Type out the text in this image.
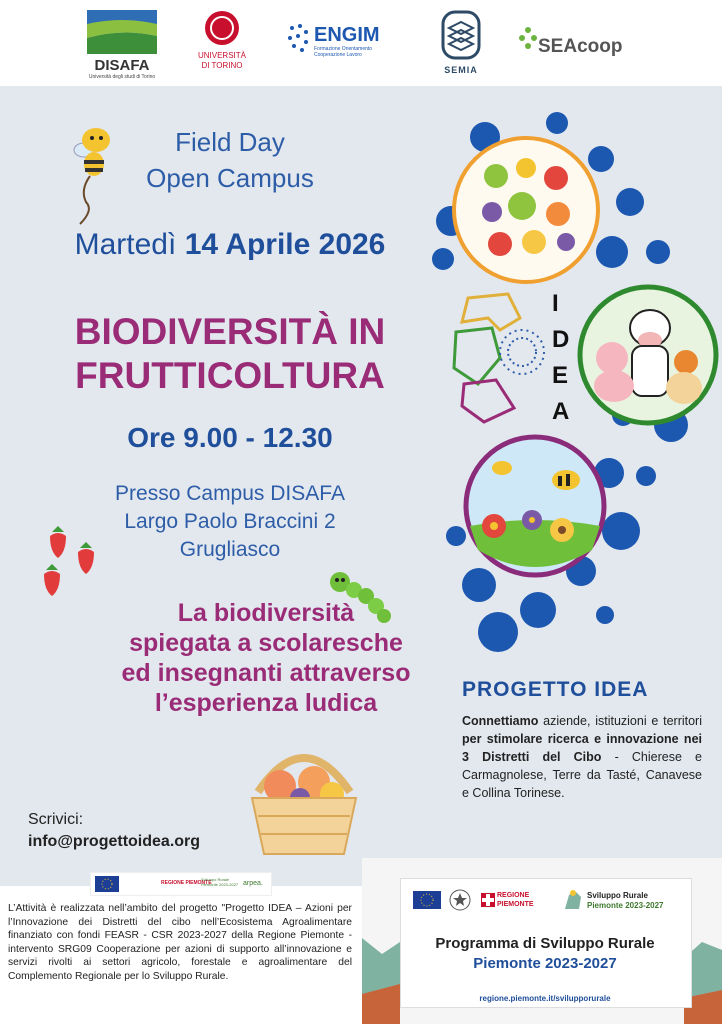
DISAFA
Università degli studi di Torino
UNIVERSITÀ DI TORINO
ENGIM
Formazione Orientamento Cooperazione Lavoro
SEMIA
SEAcoop
Field Day
Open Campus
Martedì 14 Aprile 2026
BIODIVERSITÀ IN
FRUTTICOLTURA
Ore 9.00 - 12.30
Presso Campus DISAFA
Largo Paolo Braccini 2
Grugliasco
La biodiversità
spiegata a scolaresche
ed insegnanti attraverso
l’esperienza ludica
I
D
E
A
Scrivici:
info@progettoidea.org
PROGETTO IDEA
Connettiamo aziende, istituzioni e territori per stimolare ricerca e innovazione nei 3 Distretti del Cibo - Chierese e Carmagnolese, Terre da Tasté, Canavese e Collina Torinese.
REGIONE PIEMONTE
Sviluppo Rurale Piemonte 2023-2027 arpea.
L’Attività è realizzata nell’ambito del progetto "Progetto IDEA – Azioni per l’Innovazione dei Distretti del cibo nell’Ecosistema Agroalimentare finanziato con fondi FEASR - CSR 2023-2027 della Regione Piemonte - intervento SRG09 Cooperazione per azioni di supporto all’innovazione e servizi rivolti ai settori agricolo, forestale e agroalimentare del Complemento Regionale per lo Sviluppo Rurale.
REGIONE PIEMONTE
Sviluppo Rurale
Piemonte 2023-2027
Programma di Sviluppo Rurale
Piemonte 2023-2027
regione.piemonte.it/svilupporurale
